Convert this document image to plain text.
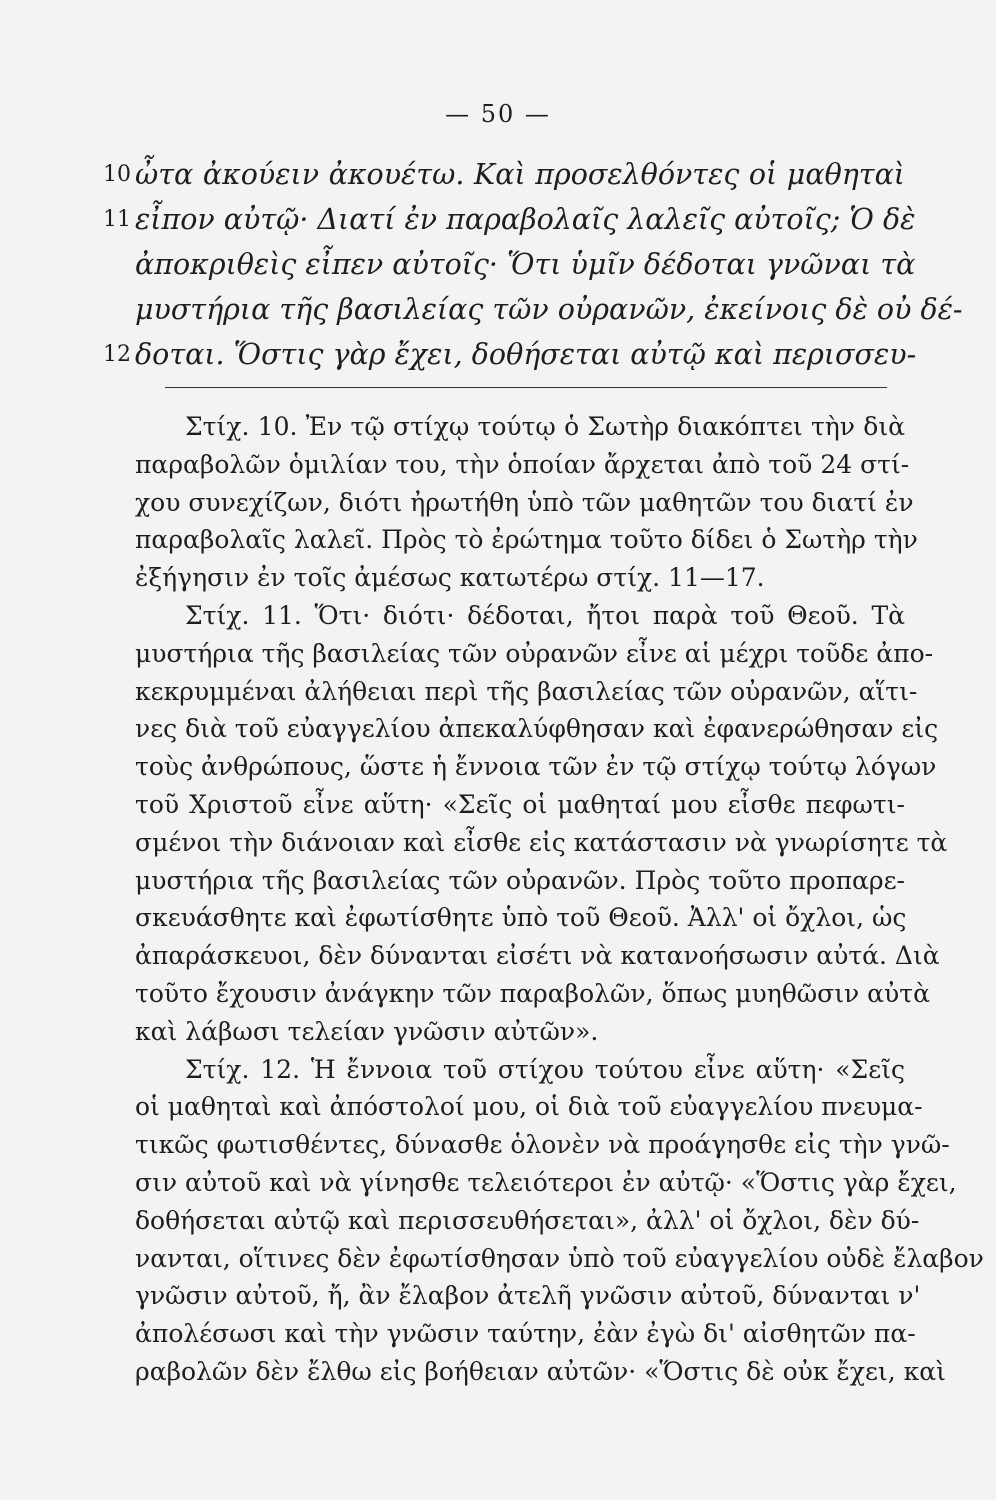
— 50 —
10 ὦτα ἀκούειν ἀκουέτω. Καὶ προσελθόντες οἱ μαθηταὶ
11 εἶπον αὐτῷ· Διατί ἐν παραβολαῖς λαλεῖς αὐτοῖς; Ὁ δὲ
ἀποκριθεὶς εἶπεν αὐτοῖς· Ὅτι ὑμῖν δέδοται γνῶναι τὰ
μυστήρια τῆς βασιλείας τῶν οὐρανῶν, ἐκείνοις δὲ οὐ δέ-
12 δοται. Ὅστις γὰρ ἔχει, δοθήσεται αὐτῷ καὶ περισσευ-
Στίχ. 10. Ἐν τῷ στίχῳ τούτῳ ὁ Σωτὴρ διακόπτει τὴν διὰ
παραβολῶν ὁμιλίαν του, τὴν ὁποίαν ἄρχεται ἀπὸ τοῦ 24 στί-
χου συνεχίζων, διότι ἠρωτήθη ὑπὸ τῶν μαθητῶν του διατί ἐν
παραβολαῖς λαλεῖ. Πρὸς τὸ ἐρώτημα τοῦτο δίδει ὁ Σωτὴρ τὴν
ἐξήγησιν ἐν τοῖς ἀμέσως κατωτέρω στίχ. 11—17.
Στίχ. 11. Ὅτι· διότι· δέδοται, ἤτοι παρὰ τοῦ Θεοῦ. Τὰ
μυστήρια τῆς βασιλείας τῶν οὐρανῶν εἶνε αἱ μέχρι τοῦδε ἀπο-
κεκρυμμέναι ἀλήθειαι περὶ τῆς βασιλείας τῶν οὐρανῶν, αἵτι-
νες διὰ τοῦ εὐαγγελίου ἀπεκαλύφθησαν καὶ ἐφανερώθησαν εἰς
τοὺς ἀνθρώπους, ὥστε ἡ ἔννοια τῶν ἐν τῷ στίχῳ τούτῳ λόγων
τοῦ Χριστοῦ εἶνε αὕτη· «Σεῖς οἱ μαθηταί μου εἶσθε πεφωτι-
σμένοι τὴν διάνοιαν καὶ εἶσθε εἰς κατάστασιν νὰ γνωρίσητε τὰ
μυστήρια τῆς βασιλείας τῶν οὐρανῶν. Πρὸς τοῦτο προπαρε-
σκευάσθητε καὶ ἐφωτίσθητε ὑπὸ τοῦ Θεοῦ. Ἀλλ' οἱ ὄχλοι, ὡς
ἀπαράσκευοι, δὲν δύνανται εἰσέτι νὰ κατανοήσωσιν αὐτά. Διὰ
τοῦτο ἔχουσιν ἀνάγκην τῶν παραβολῶν, ὅπως μυηθῶσιν αὐτὰ
καὶ λάβωσι τελείαν γνῶσιν αὐτῶν».
Στίχ. 12. Ἡ ἔννοια τοῦ στίχου τούτου εἶνε αὕτη· «Σεῖς
οἱ μαθηταὶ καὶ ἀπόστολοί μου, οἱ διὰ τοῦ εὐαγγελίου πνευμα-
τικῶς φωτισθέντες, δύνασθε ὁλονὲν νὰ προάγησθε εἰς τὴν γνῶ-
σιν αὐτοῦ καὶ νὰ γίνησθε τελειότεροι ἐν αὐτῷ· «Ὅστις γὰρ ἔχει,
δοθήσεται αὐτῷ καὶ περισσευθήσεται», ἀλλ' οἱ ὄχλοι, δὲν δύ-
νανται, οἵτινες δὲν ἐφωτίσθησαν ὑπὸ τοῦ εὐαγγελίου οὐδὲ ἔλαβον
γνῶσιν αὐτοῦ, ἤ, ἂν ἔλαβον ἀτελῆ γνῶσιν αὐτοῦ, δύνανται ν'
ἀπολέσωσι καὶ τὴν γνῶσιν ταύτην, ἐὰν ἐγὼ δι' αἰσθητῶν πα-
ραβολῶν δὲν ἔλθω εἰς βοήθειαν αὐτῶν· «Ὅστις δὲ οὐκ ἔχει, καὶ
